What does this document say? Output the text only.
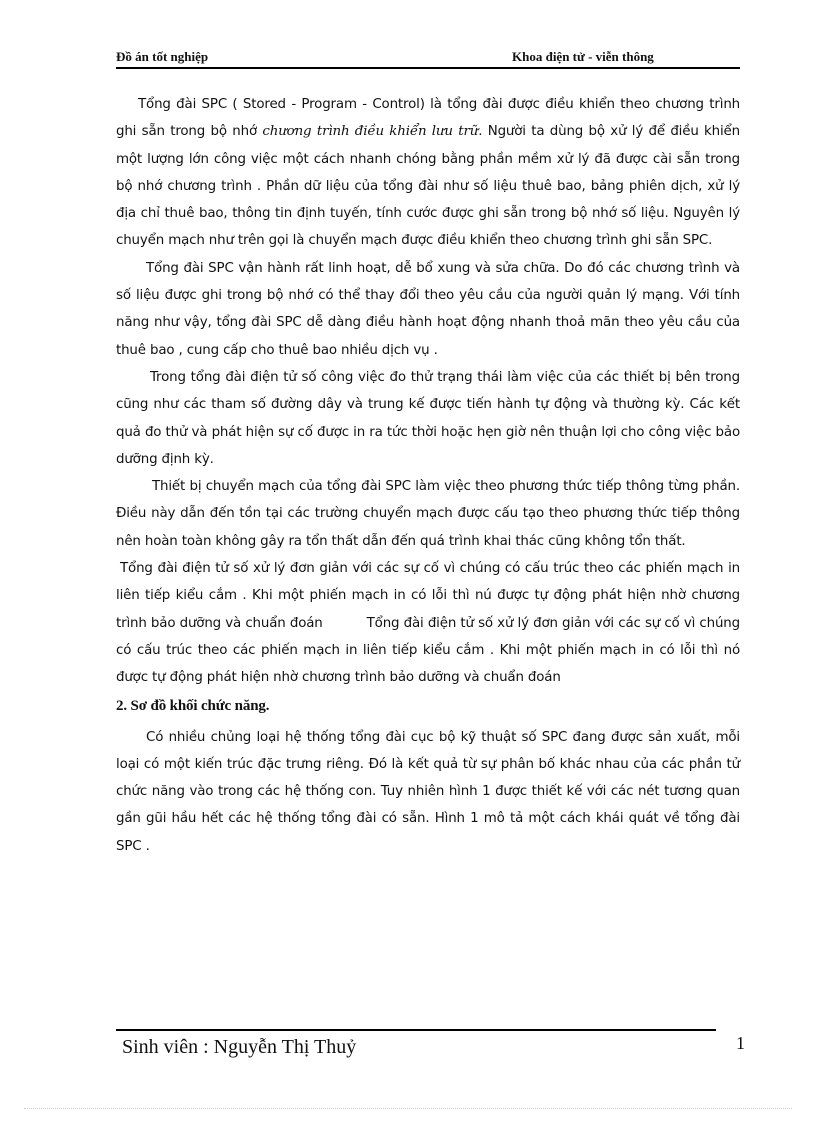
Đồ án tốt nghiệp	Khoa điện tử - viễn thông

Tổng đài SPC ( Stored - Program - Control) là tổng đài được điều khiển theo chương trình ghi sẵn trong bộ nhớ chương trình điều khiển lưu trữ. Người ta dùng bộ xử lý để điều khiển một lượng lớn công việc một cách nhanh chóng bằng phần mềm xử lý đã được cài sẵn trong bộ nhớ chương trình . Phần dữ liệu của tổng đài như số liệu thuê bao, bảng phiên dịch, xử lý địa chỉ thuê bao, thông tin định tuyến, tính cước được ghi sẵn trong bộ nhớ số liệu. Nguyên lý chuyển mạch như trên gọi là chuyển mạch được điều khiển theo chương trình ghi sẵn SPC.

Tổng đài SPC vận hành rất linh hoạt, dễ bổ xung và sửa chữa. Do đó các chương trình và số liệu được ghi trong bộ nhớ có thể thay đổi theo yêu cầu của người quản lý mạng. Với tính năng như vậy, tổng đài SPC dễ dàng điều hành hoạt động nhanh thoả mãn theo yêu cầu của thuê bao , cung cấp cho thuê bao nhiều dịch vụ .

Trong tổng đài điện tử số công việc đo thử trạng thái làm việc của các thiết bị bên trong cũng như các tham số đường dây và trung kế được tiến hành tự động và thường kỳ. Các kết quả đo thử và phát hiện sự cố được in ra tức thời hoặc hẹn giờ nên thuận lợi cho công việc bảo dưỡng định kỳ.

Thiết bị chuyển mạch của tổng đài SPC làm việc theo phương thức tiếp thông từng phần. Điều này dẫn đến tồn tại các trường chuyển mạch được cấu tạo theo phương thức tiếp thông nên hoàn toàn không gây ra tổn thất dẫn đến quá trình khai thác cũng không tổn thất.

Tổng đài điện tử số xử lý đơn giản với các sự cố vì chúng có cấu trúc theo các phiến mạch in liên tiếp kiểu cắm . Khi một phiến mạch in có lỗi thì nú được tự động phát hiện nhờ chương trình bảo dưỡng và chuẩn đoán	Tổng đài điện tử số xử lý đơn giản với các sự cố vì chúng có cấu trúc theo các phiến mạch in liên tiếp kiểu cắm . Khi một phiến mạch in có lỗi thì nó được tự động phát hiện nhờ chương trình bảo dưỡng và chuẩn đoán

2. Sơ đồ khối chức năng.

Có nhiều chủng loại hệ thống tổng đài cục bộ kỹ thuật số SPC đang được sản xuất, mỗi loại có một kiến trúc đặc trưng riêng. Đó là kết quả từ sự phân bố khác nhau của các phần tử chức năng vào trong các hệ thống con. Tuy nhiên hình 1 được thiết kế với các nét tương quan gần gũi hầu hết các hệ thống tổng đài có sẵn. Hình 1 mô tả một cách khái quát về tổng đài SPC .

Sinh viên : Nguyễn Thị Thuỷ	1
